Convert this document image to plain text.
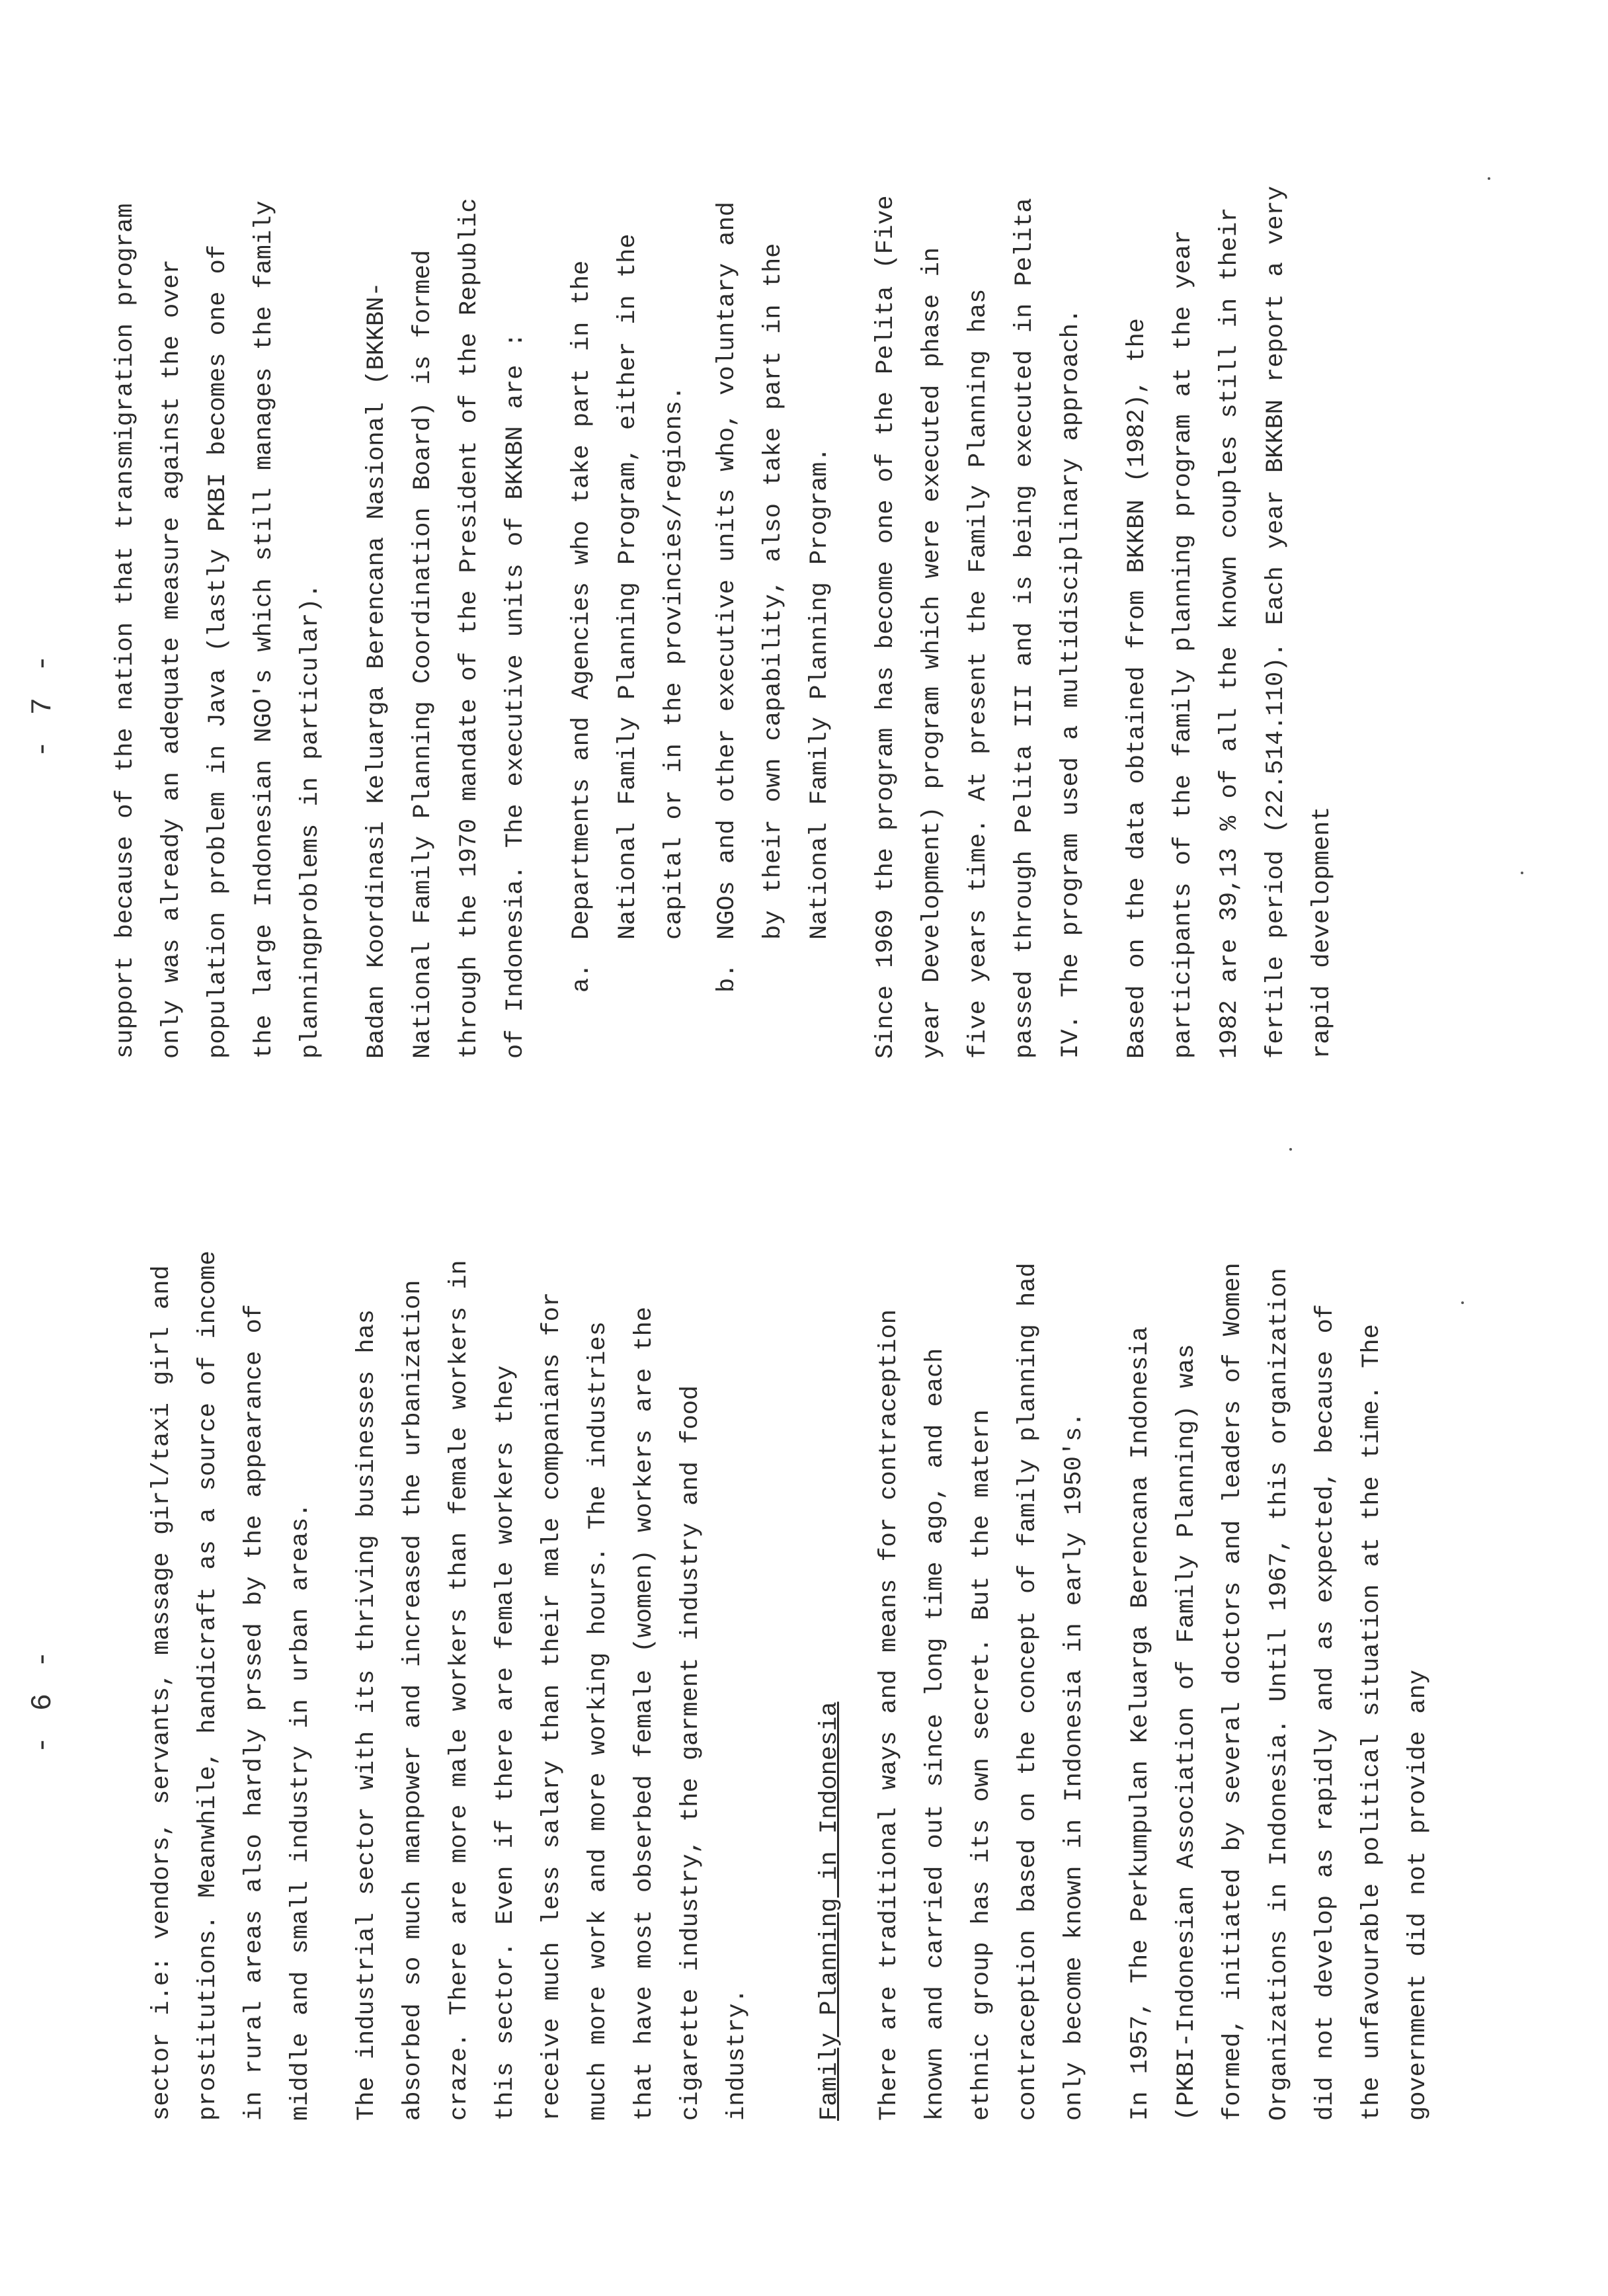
- 6 -	sector i.e: vendors, servants, massage girl/taxi girl and prostitutions. Meanwhile, handicraft as a source of income in rural areas also hardly prssed by the appearance of middle and small industry in urban areas.	The industrial sector with its thriving businesses has absorbed so much manpower and increased the urbanization craze. There are more male workers than female workers in this sector. Even if there are female workers they receive much less salary than their male companians for much more work and more working hours. The industries that have most obserbed female (women) workers are the cigarette industry, the garment industry and food industry.	Family Planning in Indonesia	There are traditional ways and means for contraception known and carried out since long time ago, and each ethnic group has its own secret. But the matern contraception based on the concept of family planning had only become known in Indonesia in early 1950's.	In 1957, The Perkumpulan Keluarga Berencana Indonesia (PKBI-Indonesian Association of Family Planning) was formed, initiated by several doctors and leaders of Women Organizations in Indonesia. Until 1967, this organization did not develop as rapidly and as expected, because of the unfavourable political situation at the time. The government did not provide any

- 7 -	support because of the nation that transmigration program only was already an adequate measure against the over population problem in Java (lastly PKBI becomes one of the large Indonesian NGO's which still manages the family planningproblems in particular).	Badan Koordinasi Keluarga Berencana Nasional (BKKBN- National Family Planning Coordination Board) is formed through the 1970 mandate of the President of the Republic of Indonesia. The executive units of BKKBN are :	a.
Departments and Agencies who take part in the National Family Planning Program, either in the capital or in the provincies/regions.
b.
NGOs and other executive units who, voluntary and by their own capability, also take part in the National Family Planning Program.	Since 1969 the program has become one of the Pelita (Five year Development) program which were executed phase in five years time. At present the Family Planning has passed through Pelita III and is being executed in Pelita IV. The program used a multidisciplinary approach.	Based on the data obtained from BKKBN (1982), the participants of the family planning program at the year 1982 are 39,13 % of all the known couples still in their fertile period (22.514.110). Each year BKKBN report a very rapid development
